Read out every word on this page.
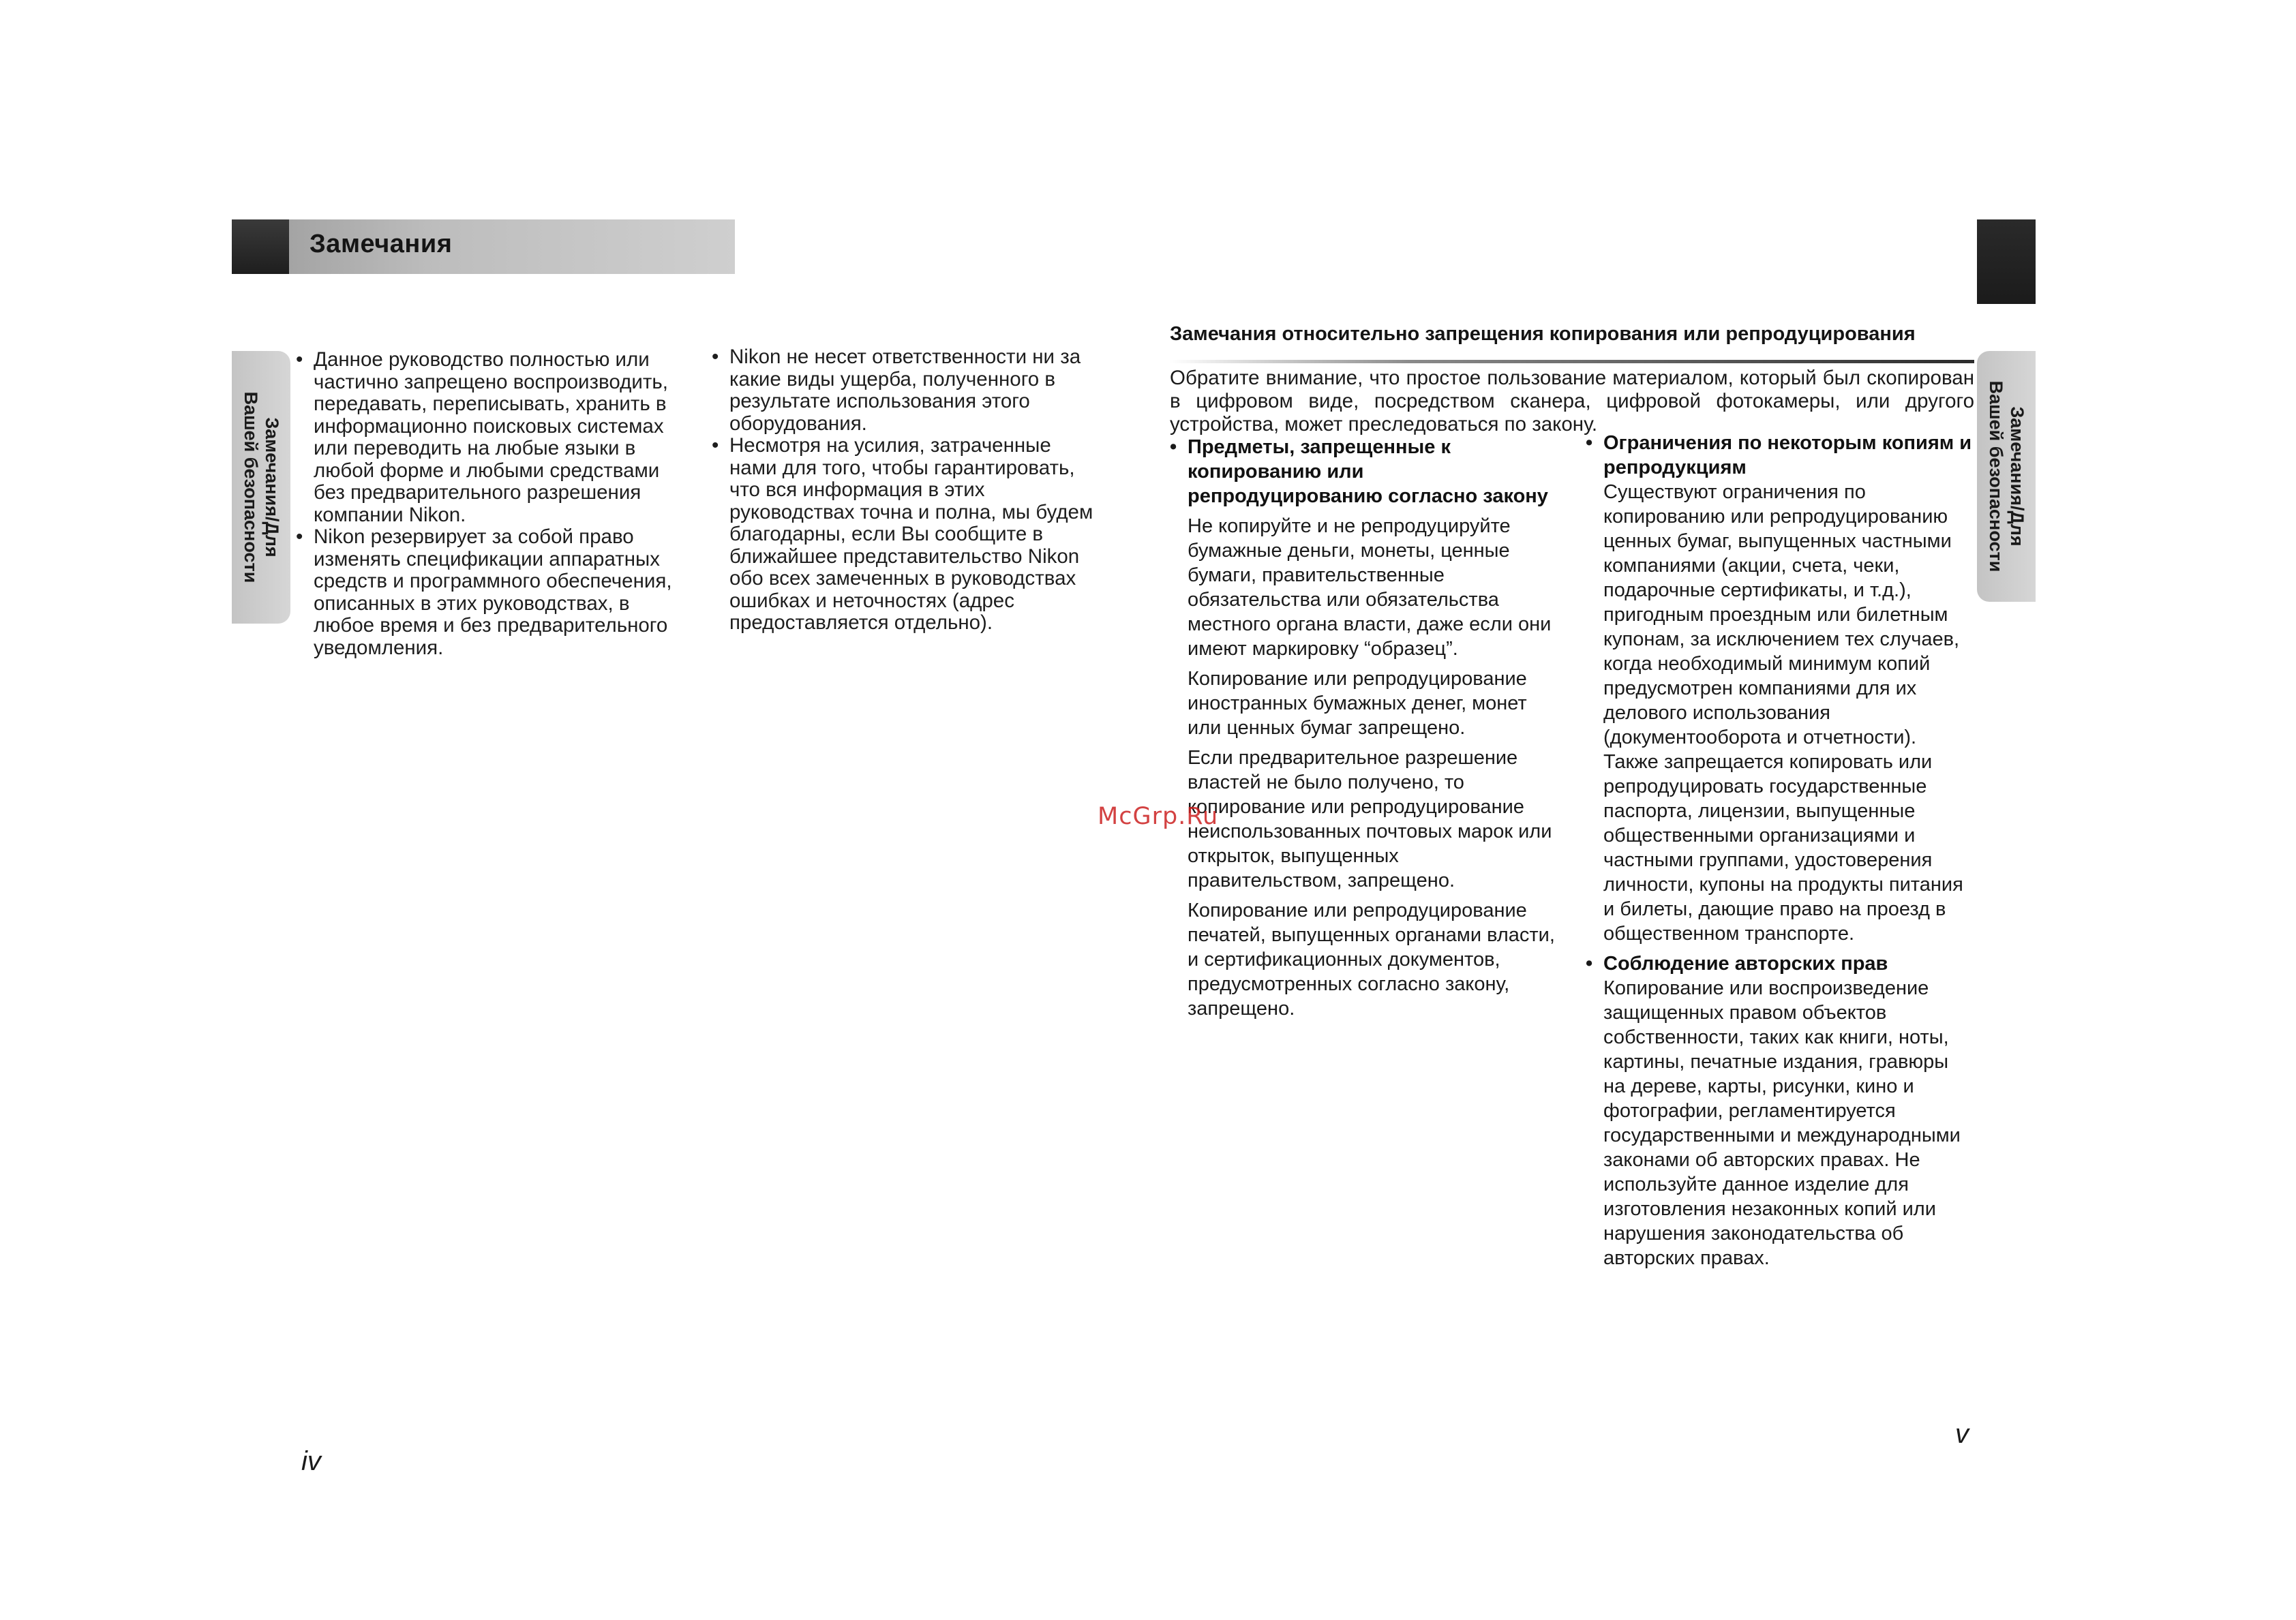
Замечания
Замечания/Для
Вашей безопасности	Замечания/Для
Вашей безопасности
• Данное руководство полностью или частично запрещено воспроизводить, передавать, переписывать, хранить в информационно поисковых системах или переводить на любые языки в любой форме и любыми средствами без предварительного разрешения компании Nikon.
• Nikon резервирует за собой право изменять спецификации аппаратных средств и программного обеспечения, описанных в этих руководствах, в любое время и без предварительного уведомления.
• Nikon не несет ответственности ни за какие виды ущерба, полученного в результате использования этого оборудования.
• Несмотря на усилия, затраченные нами для того, чтобы гарантировать, что вся информация в этих руководствах точна и полна, мы будем благодарны, если Вы сообщите в ближайшее представительство Nikon обо всех замеченных в руководствах ошибках и неточностях (адрес предоставляется отдельно).
Замечания относительно запрещения копирования или репродуцирования
Обратите внимание, что простое пользование материалом, который был скопирован в цифровом виде, посредством сканера, цифровой фотокамеры, или другого устройства, может преследоваться по закону.
• Предметы, запрещенные к копированию или репродуцированию согласно закону

Не копируйте и не репродуцируйте бумажные деньги, монеты, ценные бумаги, правительственные обязательства или обязательства местного органа власти, даже если они имеют маркировку “образец”.

Копирование или репродуцирование иностранных бумажных денег, монет или ценных бумаг запрещено.

Если предварительное разрешение властей не было получено, то копирование или репродуцирование неиспользованных почтовых марок или открыток, выпущенных правительством, запрещено.

Копирование или репродуцирование печатей, выпущенных органами власти, и сертификационных документов, предусмотренных согласно закону, запрещено.

• Ограничения по некоторым копиям и репродукциям

Существуют ограничения по копированию или репродуцированию ценных бумаг, выпущенных частными компаниями (акции, счета, чеки, подарочные сертификаты, и т.д.), пригодным проездным или билетным купонам, за исключением тех случаев, когда необходимый минимум копий предусмотрен компаниями для их делового использования (документооборота и отчетности). Также запрещается копировать или репродуцировать государственные паспорта, лицензии, выпущенные общественными организациями и частными группами, удостоверения личности, купоны на продукты питания и билеты, дающие право на проезд в общественном транспорте.

• Соблюдение авторских прав

Копирование или воспроизведение защищенных правом объектов собственности, таких как книги, ноты, картины, печатные издания, гравюры на дереве, карты, рисунки, кино и фотографии, регламентируется государственными и международными законами об авторских правах. Не используйте данное изделие для изготовления незаконных копий или нарушения законодательства об авторских правах.

McGrp.Ru
iv
v
